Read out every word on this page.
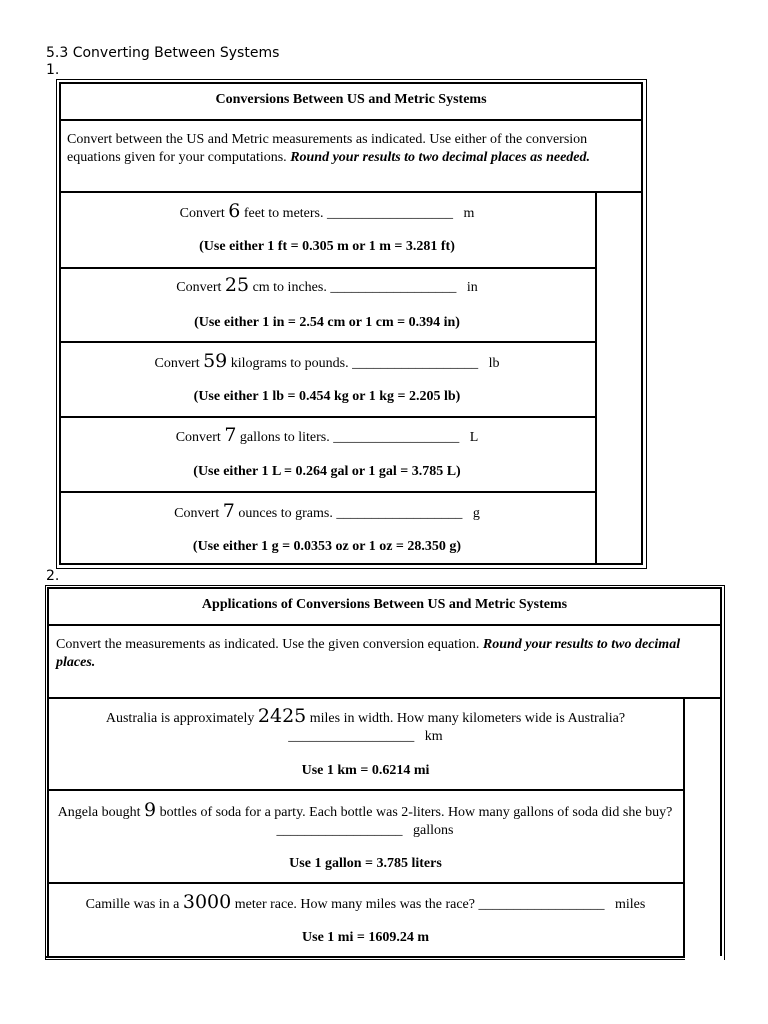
5.3 Converting Between Systems
1.
Conversions Between US and Metric Systems
Convert between the US and Metric measurements as indicated. Use either of the conversion equations given for your computations. Round your results to two decimal places as needed.
Convert 6 feet to meters. __________________ m
(Use either 1 ft = 0.305 m or 1 m = 3.281 ft)
Convert 25 cm to inches. __________________ in
(Use either 1 in = 2.54 cm or 1 cm = 0.394 in)
Convert 59 kilograms to pounds. __________________ lb
(Use either 1 lb = 0.454 kg or 1 kg = 2.205 lb)
Convert 7 gallons to liters. __________________ L
(Use either 1 L = 0.264 gal or 1 gal = 3.785 L)
Convert 7 ounces to grams. __________________ g
(Use either 1 g = 0.0353 oz or 1 oz = 28.350 g)
2.
Applications of Conversions Between US and Metric Systems
Convert the measurements as indicated. Use the given conversion equation. Round your results to two decimal places.
Australia is approximately 2425 miles in width. How many kilometers wide is Australia?
__________________ km
Use 1 km = 0.6214 mi
Angela bought 9 bottles of soda for a party. Each bottle was 2-liters. How many gallons of soda did she buy? __________________ gallons
Use 1 gallon = 3.785 liters
Camille was in a 3000 meter race. How many miles was the race? __________________ miles
Use 1 mi = 1609.24 m
